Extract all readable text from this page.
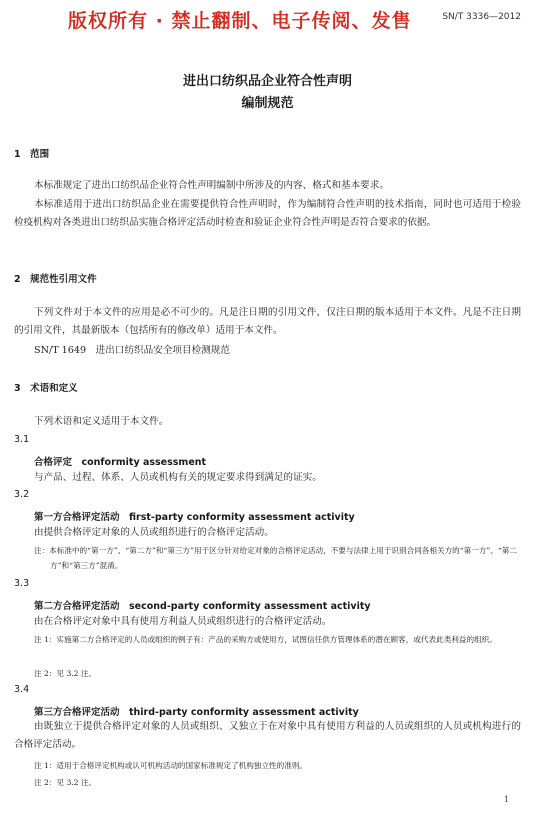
版权所有 · 禁止翻制、电子传阅、发售	SN/T 3336—2012
进出口纺织品企业符合性声明
编制规范
1　范围
本标准规定了进出口纺织品企业符合性声明编制中所涉及的内容、格式和基本要求。
本标准适用于进出口纺织品企业在需要提供符合性声明时，作为编制符合性声明的技术指南，同时也可适用于检验检疫机构对各类进出口纺织品实施合格评定活动时检查和验证企业符合性声明是否符合要求的依据。
2　规范性引用文件
下列文件对于本文件的应用是必不可少的。凡是注日期的引用文件，仅注日期的版本适用于本文件。凡是不注日期的引用文件，其最新版本（包括所有的修改单）适用于本文件。
SN/T 1649　进出口纺织品安全项目检测规范
3　术语和定义
下列术语和定义适用于本文件。
3.1
合格评定　conformity assessment
与产品、过程、体系、人员或机构有关的规定要求得到满足的证实。
3.2
第一方合格评定活动　first-party conformity assessment activity
由提供合格评定对象的人员或组织进行的合格评定活动。
注：本标准中的“第一方”、“第二方”和“第三方”用于区分针对给定对象的合格评定活动，不要与法律上用于识别合同各相关方的“第一方”、“第二方”和“第三方”混淆。
3.3
第二方合格评定活动　second-party conformity assessment activity
由在合格评定对象中具有使用方利益人员或组织进行的合格评定活动。
注 1：实施第二方合格评定的人员或组织的例子有：产品的采购方或使用方，试图信任供方管理体系的潜在顾客，或代表此类利益的组织。
注 2：见 3.2 注。
3.4
第三方合格评定活动　third-party conformity assessment activity
由既独立于提供合格评定对象的人员或组织、又独立于在对象中具有使用方利益的人员或组织的人员或机构进行的合格评定活动。
注 1：适用于合格评定机构或认可机构活动的国家标准规定了机构独立性的准则。
注 2：见 3.2 注。
1
